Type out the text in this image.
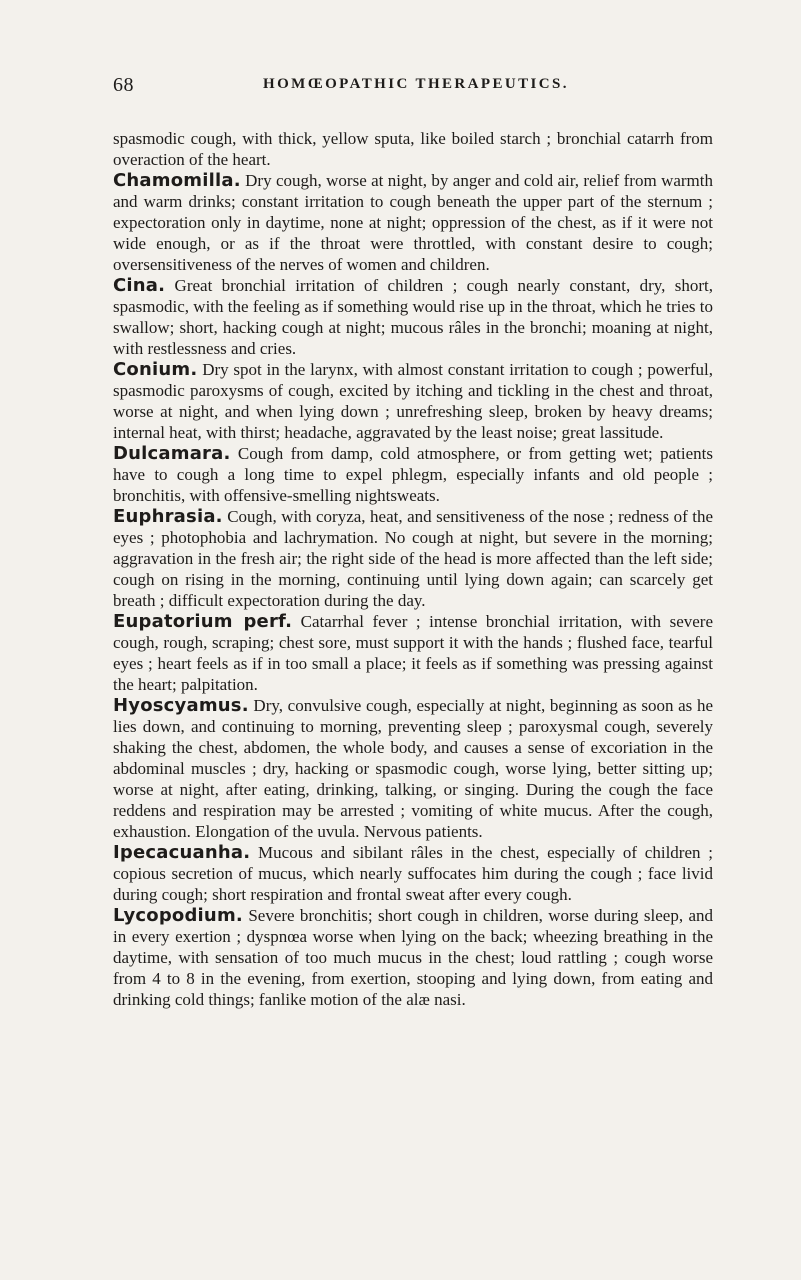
68	HOMŒOPATHIC THERAPEUTICS.

spasmodic cough, with thick, yellow sputa, like boiled starch ; bronchial catarrh from overaction of the heart.

Chamomilla. Dry cough, worse at night, by anger and cold air, relief from warmth and warm drinks; constant irritation to cough beneath the upper part of the sternum ; expectoration only in daytime, none at night; oppression of the chest, as if it were not wide enough, or as if the throat were throttled, with constant desire to cough; oversensitiveness of the nerves of women and children.

Cina. Great bronchial irritation of children ; cough nearly constant, dry, short, spasmodic, with the feeling as if something would rise up in the throat, which he tries to swallow; short, hacking cough at night; mucous râles in the bronchi; moaning at night, with restlessness and cries.

Conium. Dry spot in the larynx, with almost constant irritation to cough ; powerful, spasmodic paroxysms of cough, excited by itching and tickling in the chest and throat, worse at night, and when lying down ; unrefreshing sleep, broken by heavy dreams; internal heat, with thirst; headache, aggravated by the least noise; great lassitude.

Dulcamara. Cough from damp, cold atmosphere, or from getting wet; patients have to cough a long time to expel phlegm, especially infants and old people ; bronchitis, with offensive-smelling nightsweats.

Euphrasia. Cough, with coryza, heat, and sensitiveness of the nose ; redness of the eyes ; photophobia and lachrymation. No cough at night, but severe in the morning; aggravation in the fresh air; the right side of the head is more affected than the left side; cough on rising in the morning, continuing until lying down again; can scarcely get breath ; difficult expectoration during the day.

Eupatorium perf. Catarrhal fever ; intense bronchial irritation, with severe cough, rough, scraping; chest sore, must support it with the hands ; flushed face, tearful eyes ; heart feels as if in too small a place; it feels as if something was pressing against the heart; palpitation.

Hyoscyamus. Dry, convulsive cough, especially at night, beginning as soon as he lies down, and continuing to morning, preventing sleep ; paroxysmal cough, severely shaking the chest, abdomen, the whole body, and causes a sense of excoriation in the abdominal muscles ; dry, hacking or spasmodic cough, worse lying, better sitting up; worse at night, after eating, drinking, talking, or singing. During the cough the face reddens and respiration may be arrested ; vomiting of white mucus. After the cough, exhaustion. Elongation of the uvula. Nervous patients.

Ipecacuanha. Mucous and sibilant râles in the chest, especially of children ; copious secretion of mucus, which nearly suffocates him during the cough ; face livid during cough; short respiration and frontal sweat after every cough.

Lycopodium. Severe bronchitis; short cough in children, worse during sleep, and in every exertion ; dyspnœa worse when lying on the back; wheezing breathing in the daytime, with sensation of too much mucus in the chest; loud rattling ; cough worse from 4 to 8 in the evening, from exertion, stooping and lying down, from eating and drinking cold things; fanlike motion of the alæ nasi.
